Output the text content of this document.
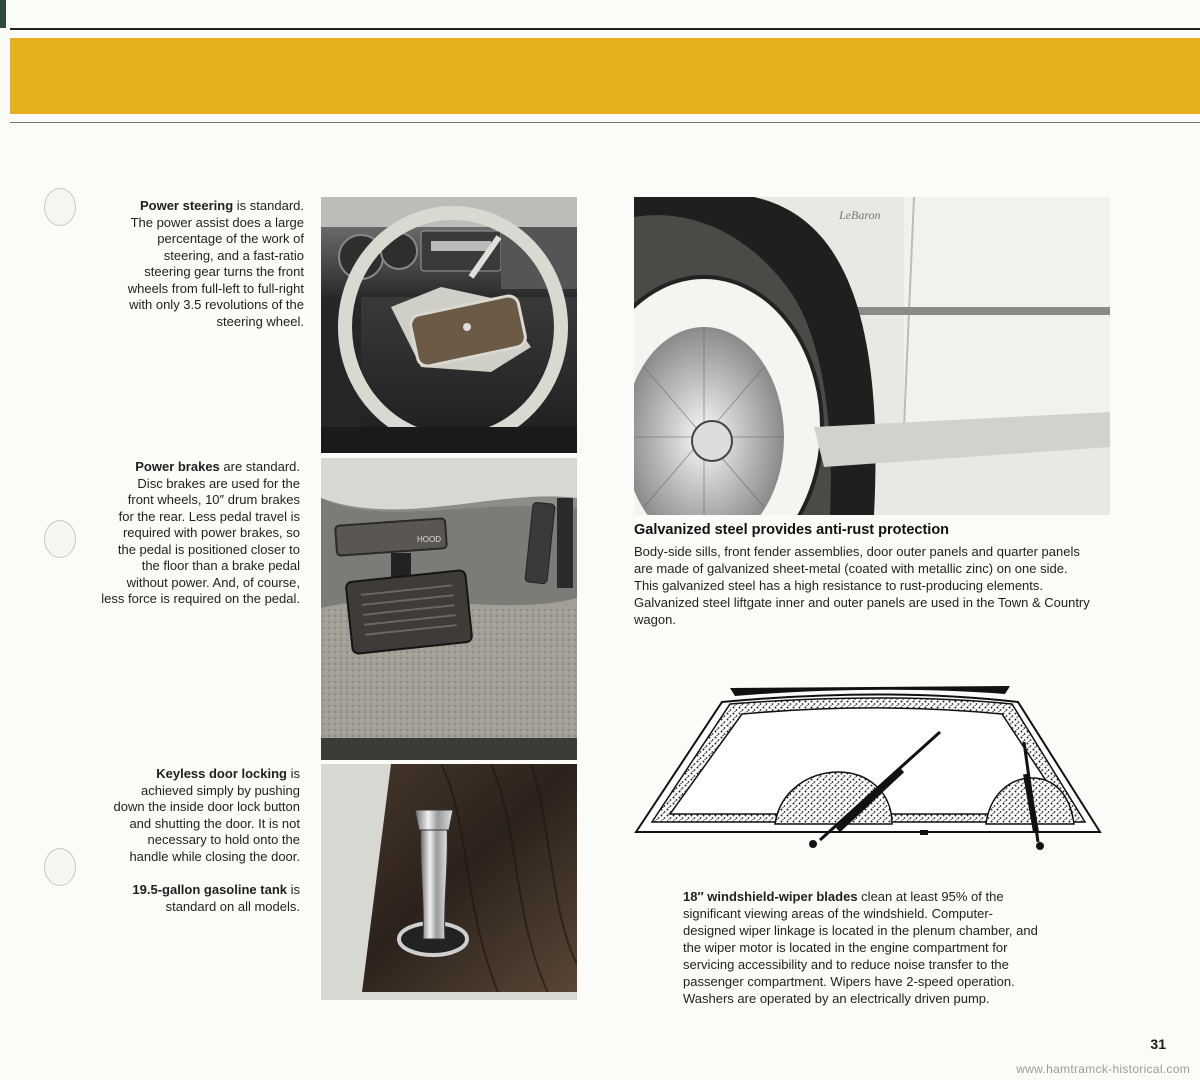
Power steering is standard.
The power assist does a large
percentage of the work of
steering, and a fast-ratio
steering gear turns the front
wheels from full-left to full-right
with only 3.5 revolutions of the
steering wheel.
Power brakes are standard.
Disc brakes are used for the
front wheels, 10″ drum brakes
for the rear. Less pedal travel is
required with power brakes, so
the pedal is positioned closer to
the floor than a brake pedal
without power. And, of course,
less force is required on the pedal.
Keyless door locking is
achieved simply by pushing
down the inside door lock button
and shutting the door. It is not
necessary to hold onto the
handle while closing the door.
19.5-gallon gasoline tank is
standard on all models.
HOOD
LeBaron
Galvanized steel provides anti-rust protection
Body-side sills, front fender assemblies, door outer panels and quarter panels
are made of galvanized sheet-metal (coated with metallic zinc) on one side.
This galvanized steel has a high resistance to rust-producing elements.
Galvanized steel liftgate inner and outer panels are used in the Town & Country
wagon.
18″ windshield-wiper blades clean at least 95% of the
significant viewing areas of the windshield. Computer-
designed wiper linkage is located in the plenum chamber, and
the wiper motor is located in the engine compartment for
servicing accessibility and to reduce noise transfer to the
passenger compartment. Wipers have 2-speed operation.
Washers are operated by an electrically driven pump.
31
www.hamtramck-historical.com
